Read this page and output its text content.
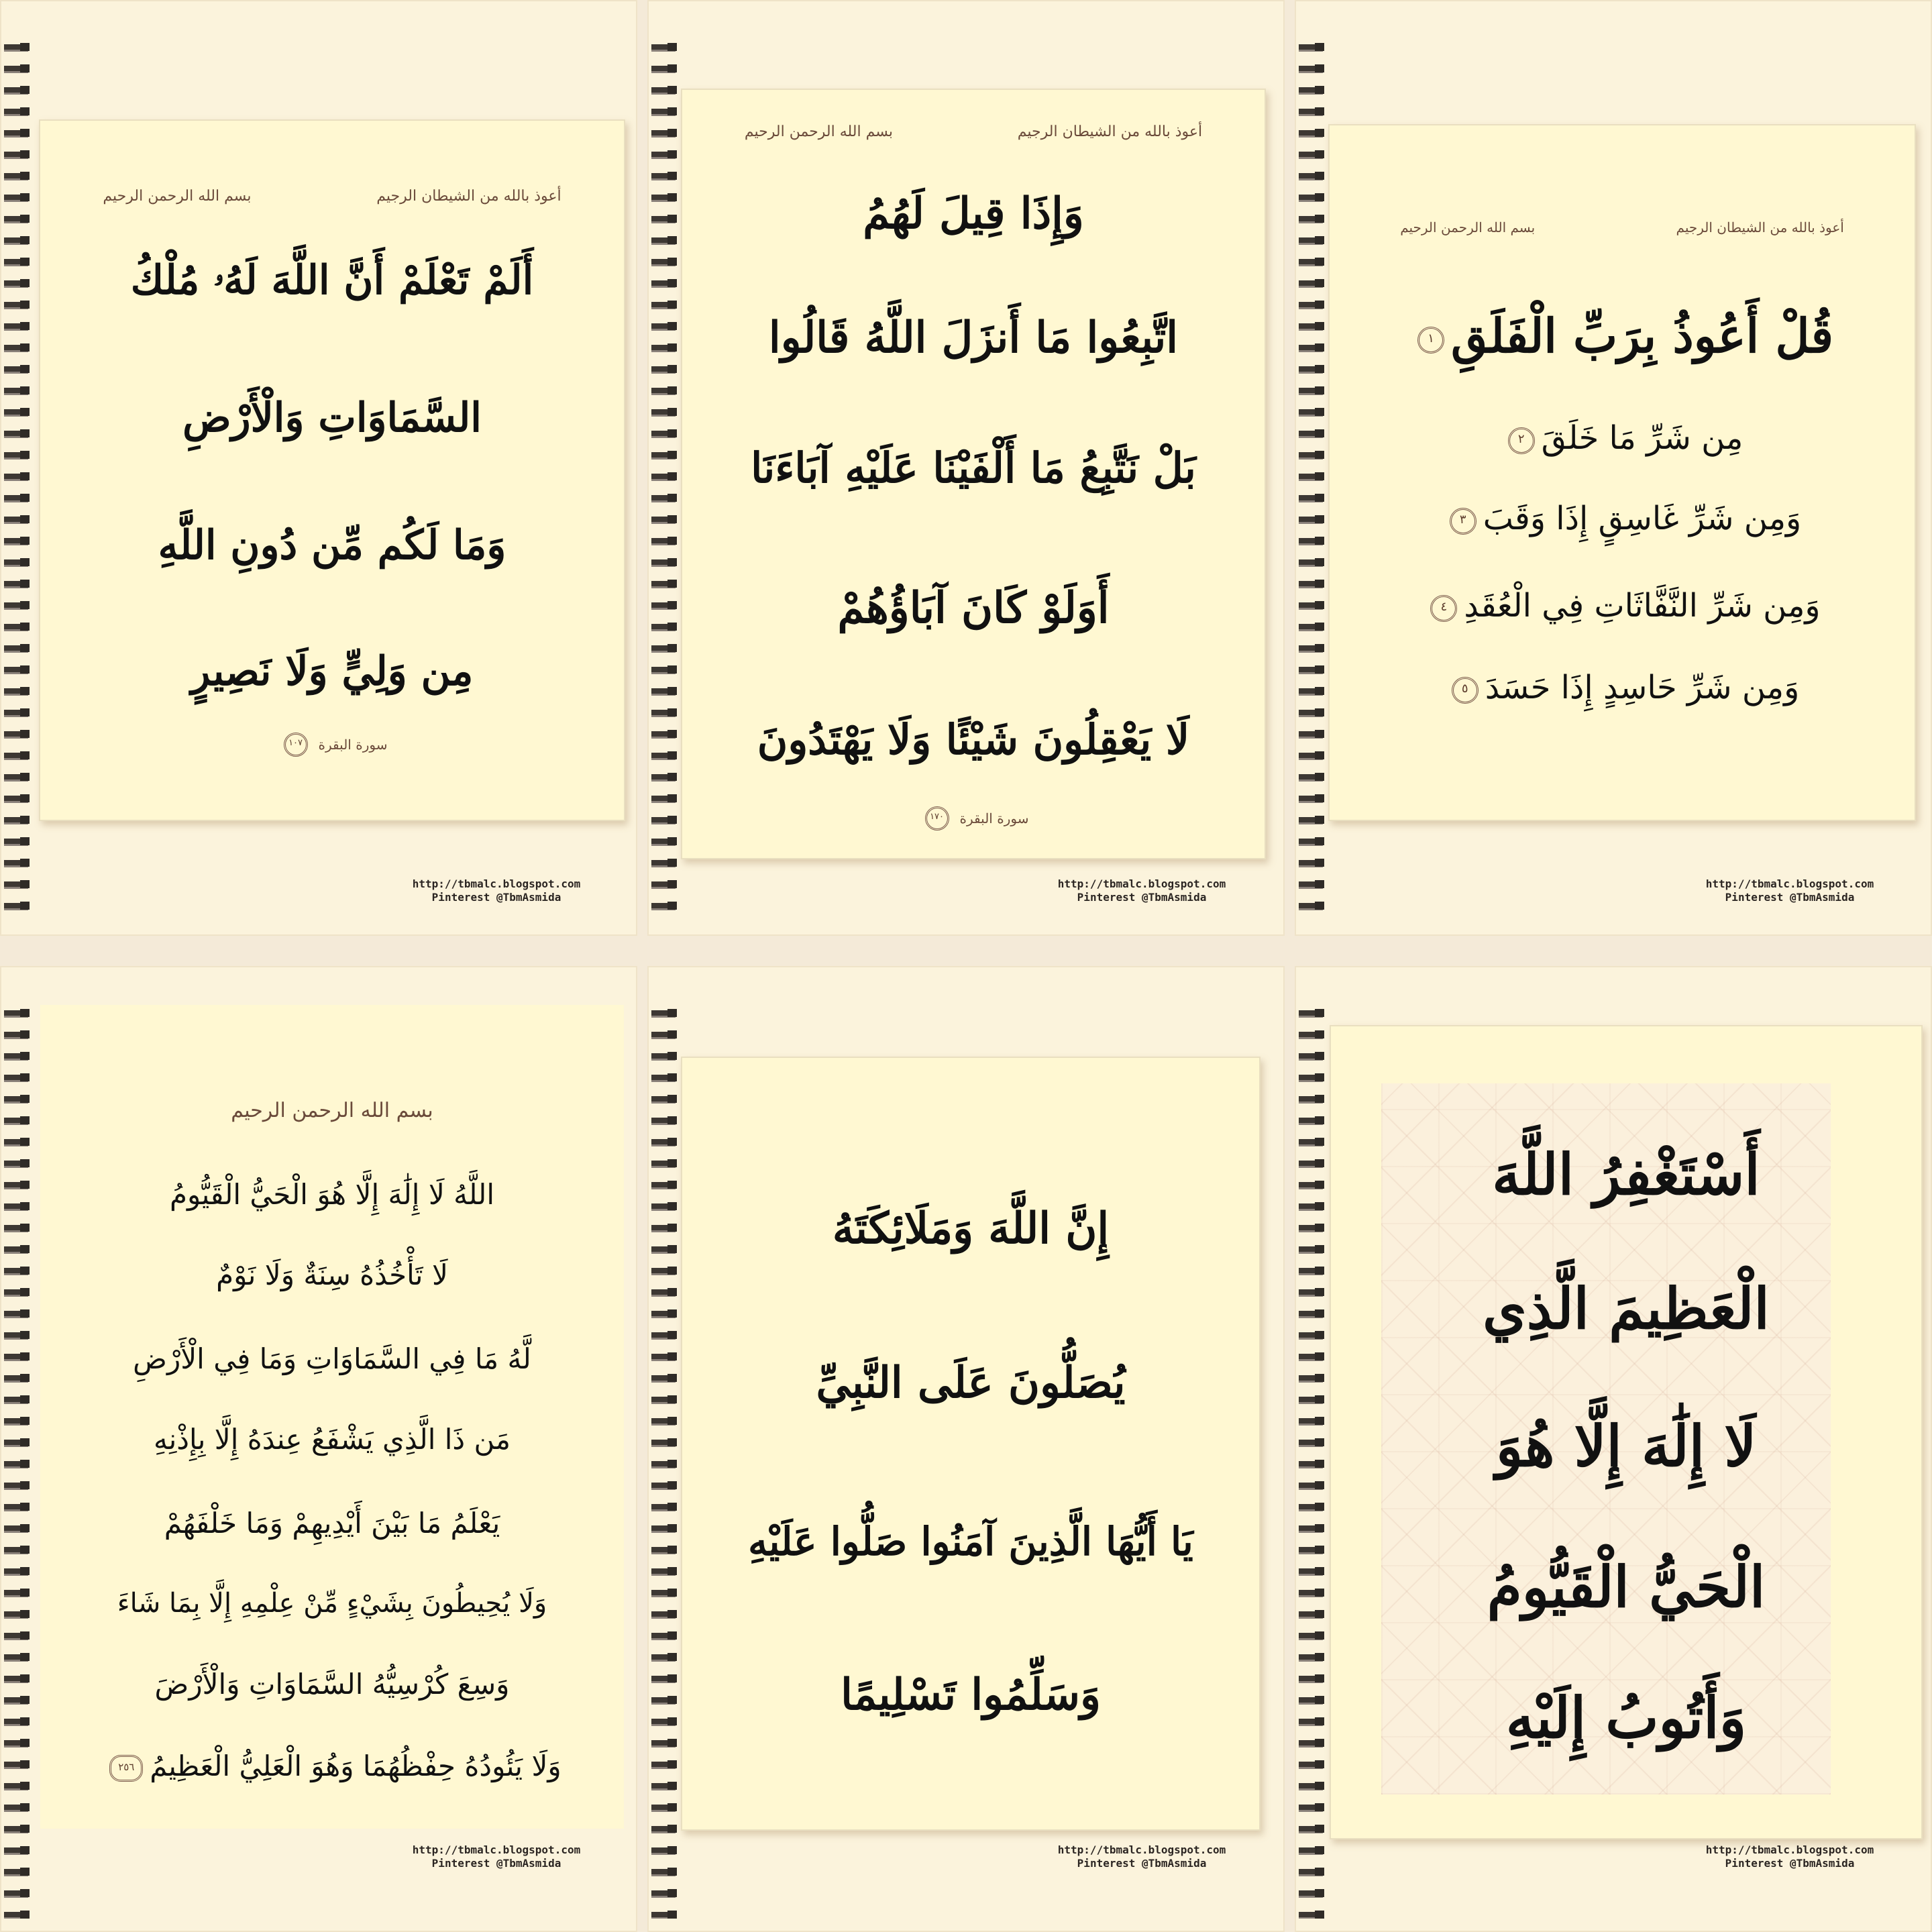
أعوذ بالله من الشيطان الرجيم
بسم الله الرحمن الرحيم
أَلَمْ تَعْلَمْ أَنَّ اللَّهَ لَهُۥ مُلْكُ
السَّمَاوَاتِ وَالْأَرْضِ
وَمَا لَكُم مِّن دُونِ اللَّهِ
مِن وَلِيٍّ وَلَا نَصِيرٍ
سورة البقرة
١٠٧
http://tbmalc.blogspot.com
Pinterest @TbmAsmida
أعوذ بالله من الشيطان الرجيم
بسم الله الرحمن الرحيم
وَإِذَا قِيلَ لَهُمُ
اتَّبِعُوا مَا أَنزَلَ اللَّهُ قَالُوا
بَلْ نَتَّبِعُ مَا أَلْفَيْنَا عَلَيْهِ آبَاءَنَا
أَوَلَوْ كَانَ آبَاؤُهُمْ
لَا يَعْقِلُونَ شَيْئًا وَلَا يَهْتَدُونَ
سورة البقرة
١٧٠
http://tbmalc.blogspot.com
Pinterest @TbmAsmida
أعوذ بالله من الشيطان الرجيم
بسم الله الرحمن الرحيم
قُلْ أَعُوذُ بِرَبِّ الْفَلَقِ١
مِن شَرِّ مَا خَلَقَ٢
وَمِن شَرِّ غَاسِقٍ إِذَا وَقَبَ٣
وَمِن شَرِّ النَّفَّاثَاتِ فِي الْعُقَدِ٤
وَمِن شَرِّ حَاسِدٍ إِذَا حَسَدَ٥
http://tbmalc.blogspot.com
Pinterest @TbmAsmida
بسم الله الرحمن الرحيم
اللَّهُ لَا إِلَٰهَ إِلَّا هُوَ الْحَيُّ الْقَيُّومُ
لَا تَأْخُذُهُ سِنَةٌ وَلَا نَوْمٌ
لَّهُ مَا فِي السَّمَاوَاتِ وَمَا فِي الْأَرْضِ
مَن ذَا الَّذِي يَشْفَعُ عِندَهُ إِلَّا بِإِذْنِهِ
يَعْلَمُ مَا بَيْنَ أَيْدِيهِمْ وَمَا خَلْفَهُمْ
وَلَا يُحِيطُونَ بِشَيْءٍ مِّنْ عِلْمِهِ إِلَّا بِمَا شَاءَ
وَسِعَ كُرْسِيُّهُ السَّمَاوَاتِ وَالْأَرْضَ
وَلَا يَئُودُهُ حِفْظُهُمَا وَهُوَ الْعَلِيُّ الْعَظِيمُ٢٥٦
http://tbmalc.blogspot.com
Pinterest @TbmAsmida
إِنَّ اللَّهَ وَمَلَائِكَتَهُ
يُصَلُّونَ عَلَى النَّبِيِّ
يَا أَيُّهَا الَّذِينَ آمَنُوا صَلُّوا عَلَيْهِ
وَسَلِّمُوا تَسْلِيمًا
http://tbmalc.blogspot.com
Pinterest @TbmAsmida
أَسْتَغْفِرُ اللَّهَ
الْعَظِيمَ الَّذِي
لَا إِلَٰهَ إِلَّا هُوَ
الْحَيُّ الْقَيُّومُ
وَأَتُوبُ إِلَيْهِ
http://tbmalc.blogspot.com
Pinterest @TbmAsmida
